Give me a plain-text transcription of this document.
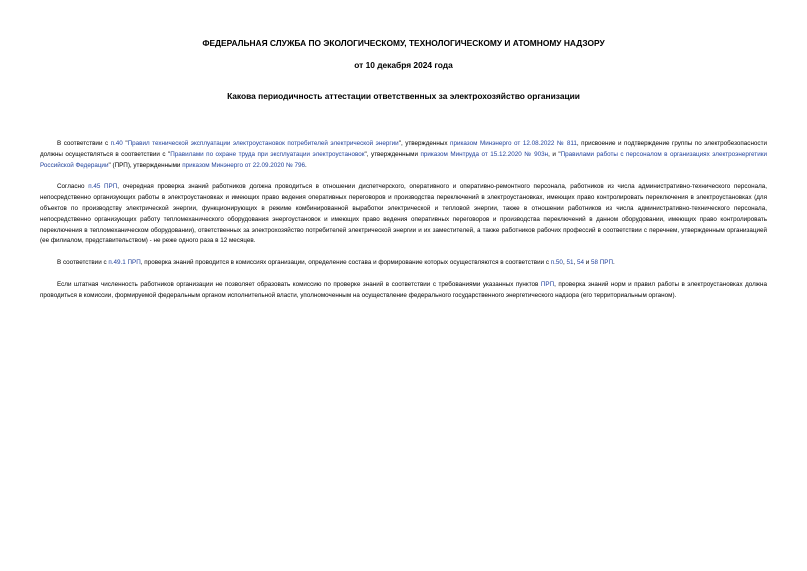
ФЕДЕРАЛЬНАЯ СЛУЖБА ПО ЭКОЛОГИЧЕСКОМУ, ТЕХНОЛОГИЧЕСКОМУ И АТОМНОМУ НАДЗОРУ

от 10 декабря 2024 года

Какова периодичность аттестации ответственных за электрохозяйство организации

В соответствии с п.40 "Правил технической эксплуатации электроустановок потребителей электрической энергии", утвержденных приказом Минэнерго от 12.08.2022 № 811, присвоение и подтверждение группы по электробезопасности должны осуществляться в соответствии с "Правилами по охране труда при эксплуатации электроустановок", утвержденными приказом Минтруда от 15.12.2020 № 903н, и "Правилами работы с персоналом в организациях электроэнергетики Российской Федерации" (ПРП), утвержденными приказом Минэнерго от 22.09.2020 № 796.

Согласно п.45 ПРП, очередная проверка знаний работников должна проводиться в отношении диспетчерского, оперативного и оперативно-ремонтного персонала, работников из числа административно-технического персонала, непосредственно организующих работы в электроустановках и имеющих право ведения оперативных переговоров и производства переключений в электроустановках, имеющих право контролировать переключения в электроустановках (для объектов по производству электрической энергии, функционирующих в режиме комбинированной выработки электрической и тепловой энергии, также в отношении работников из числа административно-технического персонала, непосредственно организующих работу тепломеханического оборудования энергоустановок и имеющих право ведения оперативных переговоров и производства переключений в данном оборудовании, имеющих право контролировать переключения в тепломеханическом оборудовании), ответственных за электрохозяйство потребителей электрической энергии и их заместителей, а также работников рабочих профессий в соответствии с перечнем, утвержденным организацией (ее филиалом, представительством) - не реже одного раза в 12 месяцев.

В соответствии с п.49.1 ПРП, проверка знаний проводится в комиссиях организации, определение состава и формирование которых осуществляются в соответствии с п.50, 51, 54 и 58 ПРП.

Если штатная численность работников организации не позволяет образовать комиссию по проверке знаний в соответствии с требованиями указанных пунктов ПРП, проверка знаний норм и правил работы в электроустановках должна проводиться в комиссии, формируемой федеральным органом исполнительной власти, уполномоченным на осуществление федерального государственного энергетического надзора (его территориальным органом).
